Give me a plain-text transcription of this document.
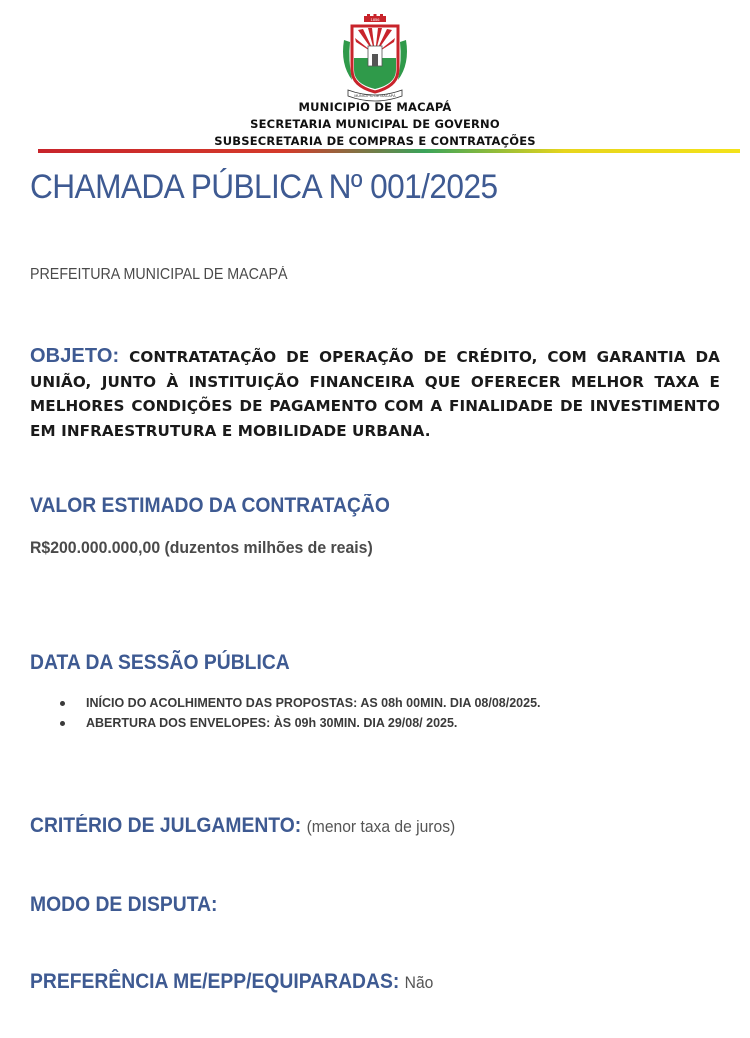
1856
MUNICIPIO DE MACAPÁ
MUNICIPIO DE MACAPÁ
SECRETARIA MUNICIPAL DE GOVERNO
SUBSECRETARIA DE COMPRAS E CONTRATAÇÕES
CHAMADA PÚBLICA Nº 001/2025
PREFEITURA MUNICIPAL DE MACAPÁ
OBJETO: CONTRATATAÇÃO DE OPERAÇÃO DE CRÉDITO, COM GARANTIA DA UNIÃO, JUNTO À INSTITUIÇÃO FINANCEIRA QUE OFERECER MELHOR TAXA E MELHORES CONDIÇÕES DE PAGAMENTO COM A FINALIDADE DE INVESTIMENTO EM INFRAESTRUTURA E MOBILIDADE URBANA.
VALOR ESTIMADO DA CONTRATAÇÃO
R$200.000.000,00 (duzentos milhões de reais)
DATA DA SESSÃO PÚBLICA
INÍCIO DO ACOLHIMENTO DAS PROPOSTAS: AS 08h 00MIN. DIA 08/08/2025.
ABERTURA DOS ENVELOPES: ÀS 09h 30MIN. DIA 29/08/ 2025.
CRITÉRIO DE JULGAMENTO: (menor taxa de juros)
MODO DE DISPUTA:
PREFERÊNCIA ME/EPP/EQUIPARADAS: Não
